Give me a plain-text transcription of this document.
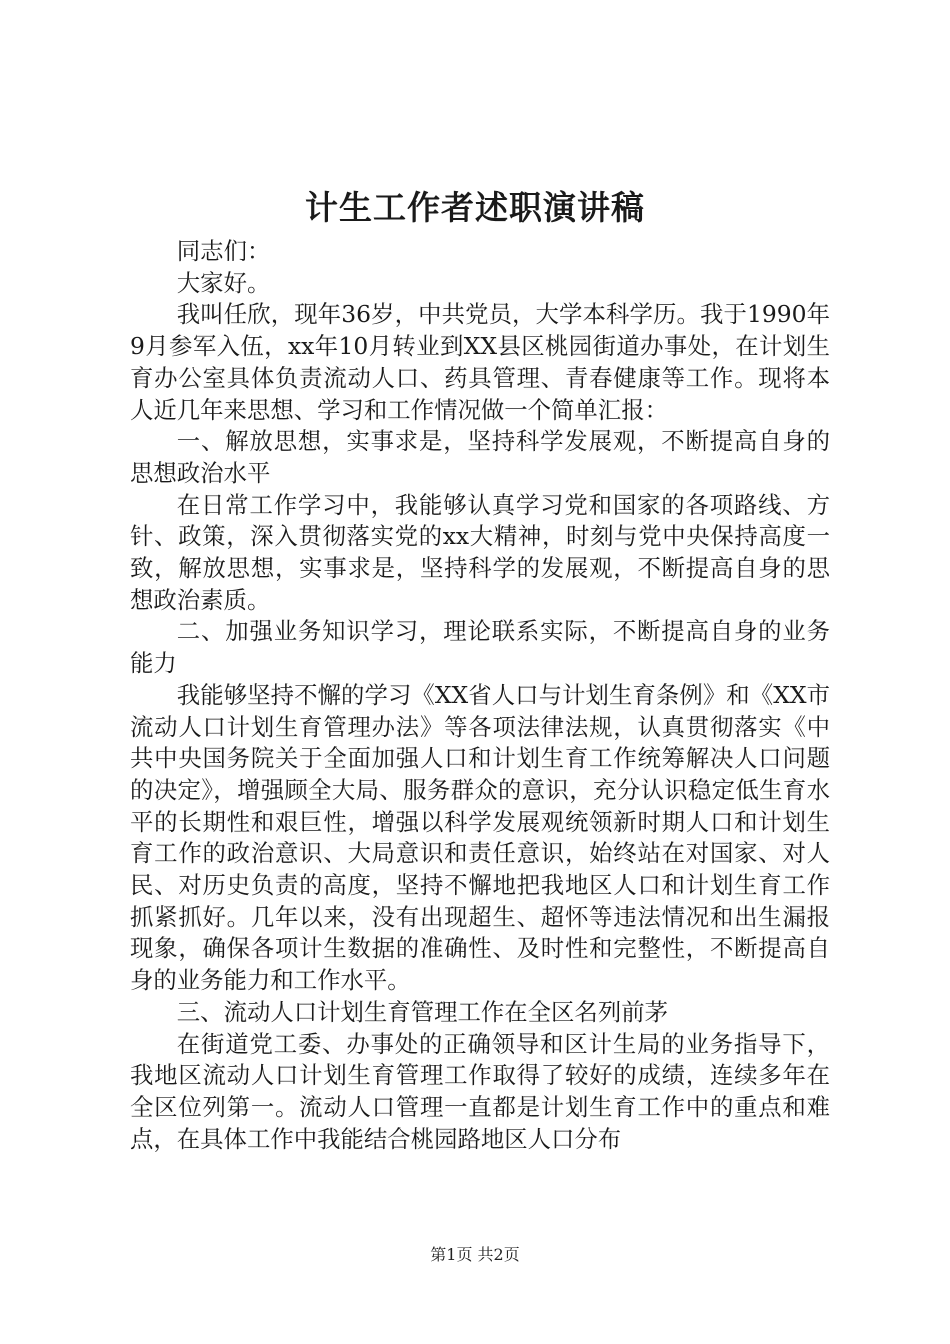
计生工作者述职演讲稿

同志们：

大家好。

我叫任欣，现年36岁，中共党员，大学本科学历。我于1990年9月参军入伍，xx年10月转业到XX县区桃园街道办事处，在计划生育办公室具体负责流动人口、药具管理、青春健康等工作。现将本人近几年来思想、学习和工作情况做一个简单汇报：

一、解放思想，实事求是，坚持科学发展观，不断提高自身的思想政治水平

在日常工作学习中，我能够认真学习党和国家的各项路线、方针、政策，深入贯彻落实党的xx大精神，时刻与党中央保持高度一致，解放思想，实事求是，坚持科学的发展观，不断提高自身的思想政治素质。

二、加强业务知识学习，理论联系实际，不断提高自身的业务能力

我能够坚持不懈的学习《XX省人口与计划生育条例》和《XX市流动人口计划生育管理办法》等各项法律法规，认真贯彻落实《中共中央国务院关于全面加强人口和计划生育工作统筹解决人口问题的决定》，增强顾全大局、服务群众的意识，充分认识稳定低生育水平的长期性和艰巨性，增强以科学发展观统领新时期人口和计划生育工作的政治意识、大局意识和责任意识，始终站在对国家、对人民、对历史负责的高度，坚持不懈地把我地区人口和计划生育工作抓紧抓好。几年以来，没有出现超生、超怀等违法情况和出生漏报现象，确保各项计生数据的准确性、及时性和完整性，不断提高自身的业务能力和工作水平。

三、流动人口计划生育管理工作在全区名列前茅

在街道党工委、办事处的正确领导和区计生局的业务指导下，我地区流动人口计划生育管理工作取得了较好的成绩，连续多年在全区位列第一。流动人口管理一直都是计划生育工作中的重点和难点，在具体工作中我能结合桃园路地区人口分布

第1页 共2页
